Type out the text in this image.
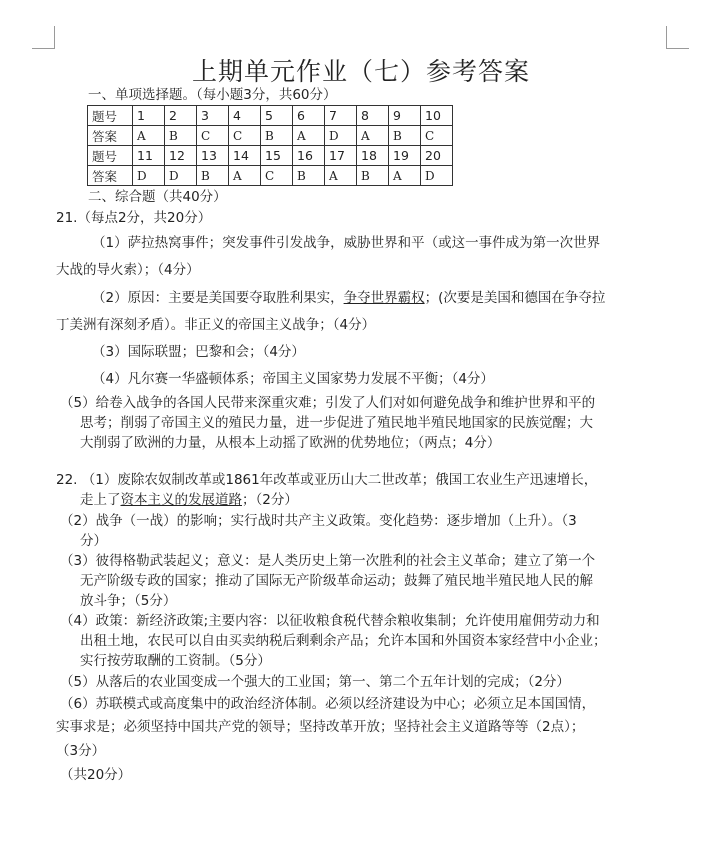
上期单元作业（七）参考答案
一、单项选择题。（每小题3分，共60分）
题号	1	2	3	4	5	6	7	8	9	10
答案	A	B	C	C	B	A	D	A	B	C
题号	11	12	13	14	15	16	17	18	19	20
答案	D	D	B	A	C	B	A	B	A	D
二、综合题（共40分）
21.（每点2分，共20分）
（1）萨拉热窝事件；突发事件引发战争，威胁世界和平（或这一事件成为第一次世界
大战的导火索）；（4分）
（2）原因：主要是美国要夺取胜利果实，争夺世界霸权；(次要是美国和德国在争夺拉
丁美洲有深刻矛盾）。非正义的帝国主义战争；（4分）
（3）国际联盟；巴黎和会；（4分）
（4）凡尔赛一华盛顿体系；帝国主义国家势力发展不平衡；（4分）
（5）给卷入战争的各国人民带来深重灾难；引发了人们对如何避免战争和维护世界和平的
思考；削弱了帝国主义的殖民力量，进一步促进了殖民地半殖民地国家的民族觉醒；大
大削弱了欧洲的力量，从根本上动摇了欧洲的优势地位；（两点；4分）
22. （1）废除农奴制改革或1861年改革或亚历山大二世改革；俄国工农业生产迅速增长，
走上了资本主义的发展道路；（2分）
（2）战争（一战）的影响；实行战时共产主义政策。变化趋势：逐步增加（上升）。（3
分）
（3）彼得格勒武装起义；意义：是人类历史上第一次胜利的社会主义革命；建立了第一个
无产阶级专政的国家；推动了国际无产阶级革命运动；鼓舞了殖民地半殖民地人民的解
放斗争；（5分）
（4）政策：新经济政策;主要内容：以征收粮食税代替余粮收集制；允许使用雇佣劳动力和
出租土地，农民可以自由买卖纳税后剩剩余产品；允许本国和外国资本家经营中小企业；
实行按劳取酬的工资制。（5分）
（5）从落后的农业国变成一个强大的工业国；第一、第二个五年计划的完成；（2分）
（6）苏联模式或高度集中的政治经济体制。必须以经济建设为中心；必须立足本国国情，
实事求是；必须坚持中国共产党的领导；坚持改革开放；坚持社会主义道路等等（2点）；
（3分）
（共20分）
